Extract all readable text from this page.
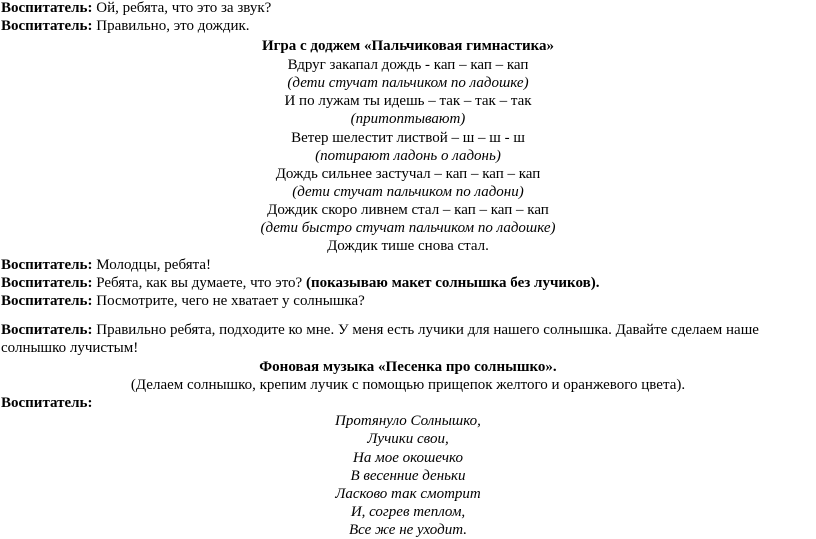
Воспитатель: Ой, ребята, что это за звук?
Воспитатель: Правильно, это дождик.
Игра с доджем «Пальчиковая гимнастика»
Вдруг закапал дождь - кап – кап – кап
(дети стучат пальчиком по ладошке)
И по лужам ты идешь – так – так – так
(притоптывают)
Ветер шелестит листвой – ш – ш - ш
(потирают ладонь о ладонь)
Дождь сильнее застучал – кап – кап – кап
(дети стучат пальчиком по ладони)
Дождик скоро ливнем стал – кап – кап – кап
(дети быстро стучат пальчиком по ладошке)
Дождик тише снова стал.
Воспитатель: Молодцы, ребята!
Воспитатель: Ребята, как вы думаете, что это? (показываю макет солнышка без лучиков).
Воспитатель: Посмотрите, чего не хватает у солнышка?
Воспитатель: Правильно ребята, подходите ко мне. У меня есть лучики для нашего солнышка. Давайте сделаем наше
солнышко лучистым!
Фоновая музыка «Песенка про солнышко».
(Делаем солнышко, крепим лучик с помощью прищепок желтого и оранжевого цвета).
Воспитатель:
Протянуло Солнышко,
Лучики свои,
На мое окошечко
В весенние деньки
Ласково так смотрит
И, согрев теплом,
Все же не уходит.
